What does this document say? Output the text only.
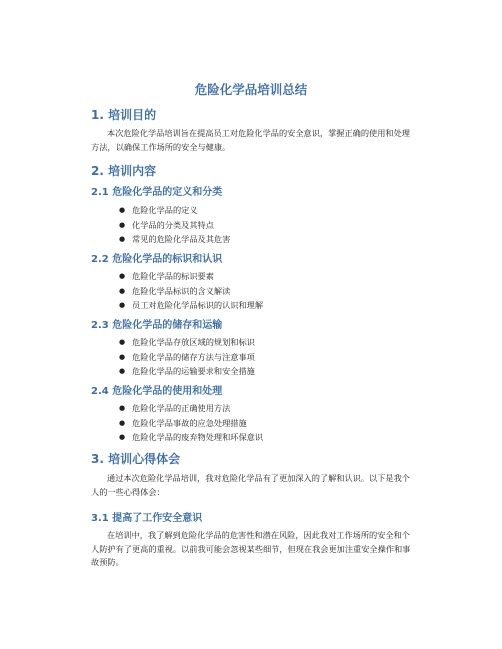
危险化学品培训总结
1. 培训目的

本次危险化学品培训旨在提高员工对危险化学品的安全意识，掌握正确的使用和处理方法，以确保工作场所的安全与健康。

2. 培训内容
2.1 危险化学品的定义和分类
● 危险化学品的定义
● 化学品的分类及其特点
● 常见的危险化学品及其危害
2.2 危险化学品的标识和认识
● 危险化学品的标识要素
● 危险化学品标识的含义解读
● 员工对危险化学品标识的认识和理解
2.3 危险化学品的储存和运输
● 危险化学品存放区域的规划和标识
● 危险化学品的储存方法与注意事项
● 危险化学品的运输要求和安全措施
2.4 危险化学品的使用和处理
● 危险化学品的正确使用方法
● 危险化学品事故的应急处理措施
● 危险化学品的废弃物处理和环保意识
3. 培训心得体会

通过本次危险化学品培训，我对危险化学品有了更加深入的了解和认识。以下是我个人的一些心得体会：

3.1 提高了工作安全意识

在培训中，我了解到危险化学品的危害性和潜在风险，因此我对工作场所的安全和个人防护有了更高的重视。以前我可能会忽视某些细节，但现在我会更加注重安全操作和事故预防。
